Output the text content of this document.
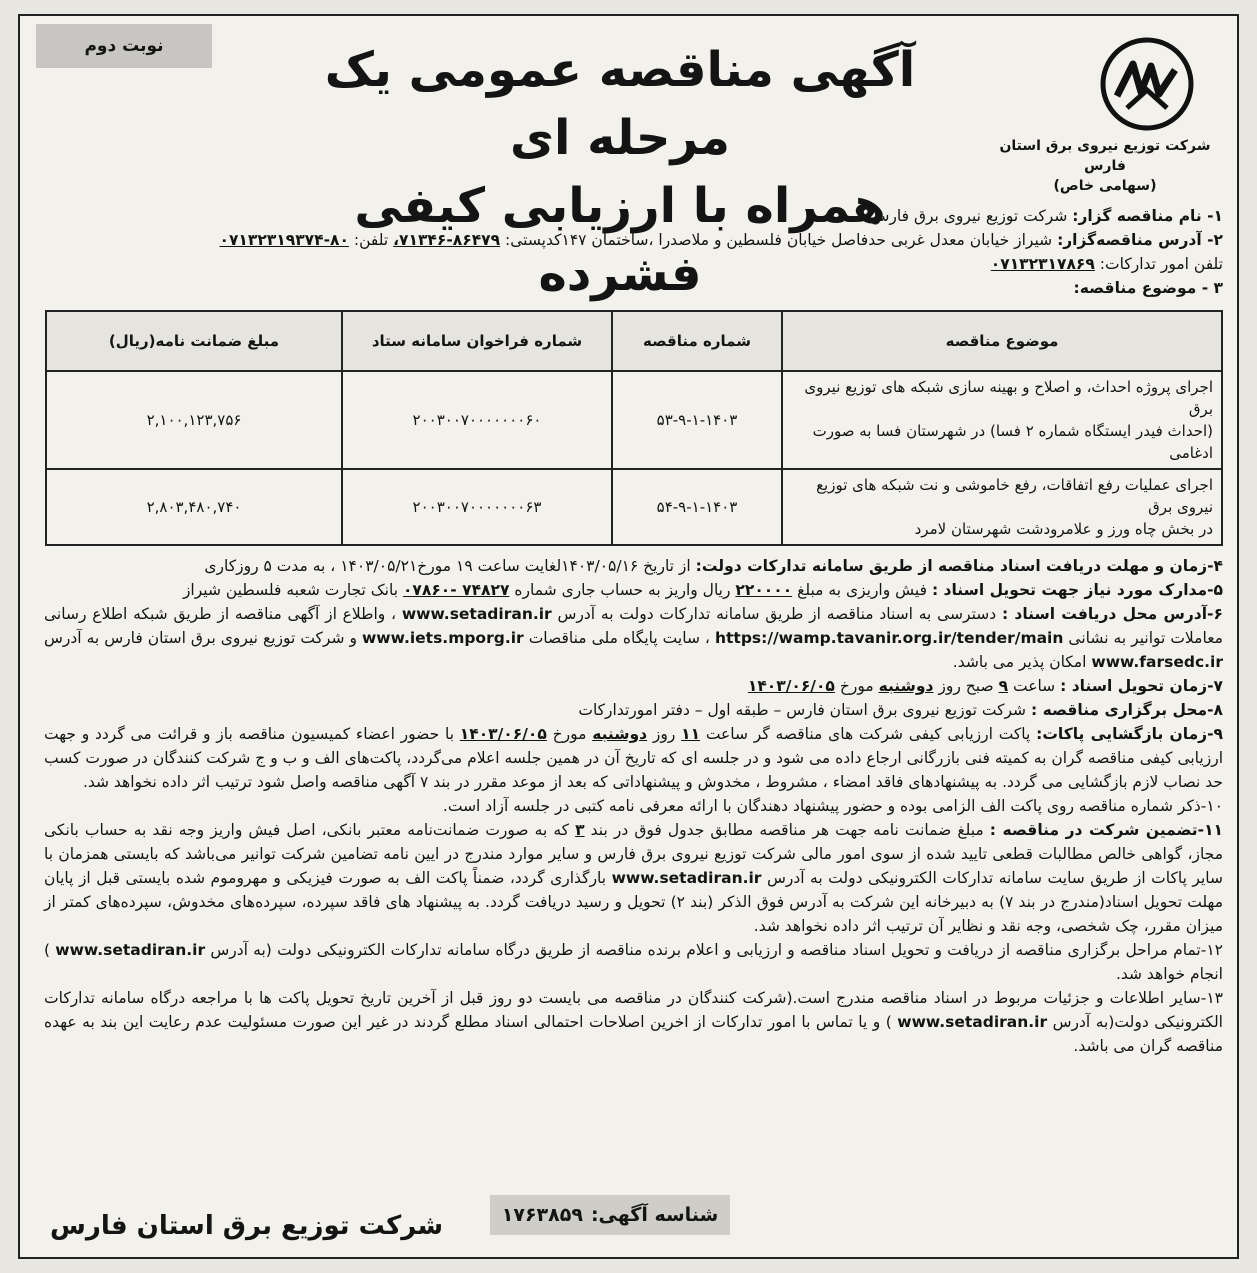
نوبت دوم	آگهی مناقصه عمومی یک مرحله ای
همراه با ارزیابی کیفی فشرده
شرکت توزیع نیروی برق استان فارس
(سهامی خاص)

۱- نام مناقصه گزار: شرکت توزیع نیروی برق فارس

۲- آدرس مناقصه‌گزار: شیراز خیابان معدل غربی حدفاصل خیابان فلسطین و ملاصدرا ،ساختمان ۱۴۷کدپستی: ۸۶۴۷۹-۷۱۳۴۶، تلفن: ۸۰-۰۷۱۳۲۳۱۹۳۷۴

تلفن امور تدارکات: ۰۷۱۳۲۳۱۷۸۶۹

۳ - موضوع مناقصه:

موضوع مناقصه	شماره مناقصه	شماره فراخوان سامانه ستاد	مبلغ ضمانت نامه(ریال)

اجرای پروژه احداث، و اصلاح و بهینه سازی شبکه های توزیع نیروی برق
(احداث فیدر ایستگاه شماره ۲ فسا) در شهرستان فسا به صورت ادغامی	۵۳-۹-۱-۱۴۰۳	۲۰۰۳۰۰۷۰۰۰۰۰۰۰۶۰	۲,۱۰۰,۱۲۳,۷۵۶

اجرای عملیات رفع اتفاقات، رفع خاموشی و نت شبکه های توزیع نیروی برق
در بخش چاه ورز و علامرودشت شهرستان لامرد	۵۴-۹-۱-۱۴۰۳	۲۰۰۳۰۰۷۰۰۰۰۰۰۰۶۳	۲,۸۰۳,۴۸۰,۷۴۰

۴-زمان و مهلت دریافت اسناد مناقصه از طریق سامانه تدارکات دولت: از تاریخ ۱۴۰۳/۰۵/۱۶لغایت ساعت ۱۹ مورخ۱۴۰۳/۰۵/۲۱ ، به مدت ۵ روزکاری

۵-مدارک مورد نیاز جهت تحویل اسناد : فیش واریزی به مبلغ ۲۲۰۰۰۰ ریال واریز به حساب جاری شماره ۷۴۸۲۷ -۰۷۸۶۰ بانک تجارت شعبه فلسطین شیراز

۶-آدرس محل دریافت اسناد : دسترسی به اسناد مناقصه از طریق سامانه تدارکات دولت به آدرس www.setadiran.ir ، واطلاع از آگهی مناقصه از طریق شبکه اطلاع رسانی معاملات توانیر به نشانی https://wamp.tavanir.org.ir/tender/main ، سایت پایگاه ملی مناقصات www.iets.mporg.ir و شرکت توزیع نیروی برق استان فارس به آدرس www.farsedc.ir امکان پذیر می باشد.

۷-زمان تحویل اسناد : ساعت ۹ صبح روز دوشنبه مورخ ۱۴۰۳/۰۶/۰۵

۸-محل برگزاری مناقصه : شرکت توزیع نیروی برق استان فارس – طبقه اول – دفتر امورتدارکات

۹-زمان بازگشایی پاکات: پاکت ارزیابی کیفی شرکت های مناقصه گر ساعت ۱۱ روز دوشنبه مورخ ۱۴۰۳/۰۶/۰۵ با حضور اعضاء کمیسیون مناقصه باز و قرائت می گردد و جهت ارزیابی کیفی مناقصه گران به کمیته فنی بازرگانی ارجاع داده می شود و در جلسه ای که تاریخ آن در همین جلسه اعلام می‌گردد، پاکت‌های الف و ب و ج شرکت کنندگان در صورت کسب حد نصاب لازم بازگشایی می گردد. به پیشنهادهای فاقد امضاء ، مشروط ، مخدوش و پیشنهاداتی که بعد از موعد مقرر در بند ۷ آگهی مناقصه واصل شود ترتیب اثر داده نخواهد شد.

۱۰-ذکر شماره مناقصه روی پاکت الف الزامی بوده و حضور پیشنهاد دهندگان با ارائه معرفی نامه کتبی در جلسه آزاد است.

۱۱-تضمین شرکت در مناقصه : مبلغ ضمانت نامه جهت هر مناقصه مطابق جدول فوق در بند ۳ که به صورت ضمانت‌نامه معتبر بانکی، اصل فیش واریز وجه نقد به حساب بانکی مجاز، گواهی خالص مطالبات قطعی تایید شده از سوی امور مالی شرکت توزیع نیروی برق فارس و سایر موارد مندرج در ایین نامه تضامین شرکت توانیر می‌باشد که بایستی همزمان با سایر پاکات از طریق سایت سامانه تدارکات الکترونیکی دولت به آدرس www.setadiran.ir بارگذاری گردد، ضمناً پاکت الف به صورت فیزیکی و مهروموم شده بایستی قبل از پایان مهلت تحویل اسناد(مندرج در بند ۷) به دبیرخانه این شرکت به آدرس فوق الذکر (بند ۲) تحویل و رسید دریافت گردد. به پیشنهاد های فاقد سپرده، سپرده‌های مخدوش، سپرده‌های کمتر از میزان مقرر، چک شخصی، وجه نقد و نظایر آن ترتیب اثر داده نخواهد شد.

۱۲-تمام مراحل برگزاری مناقصه از دریافت و تحویل اسناد مناقصه و ارزیابی و اعلام برنده مناقصه از طریق درگاه سامانه تدارکات الکترونیکی دولت (به آدرس www.setadiran.ir ) انجام خواهد شد.

۱۳-سایر اطلاعات و جزئیات مربوط در اسناد مناقصه مندرج است.(شرکت کنندگان در مناقصه می بایست دو روز قبل از آخرین تاریخ تحویل پاکت ها با مراجعه درگاه سامانه تدارکات الکترونیکی دولت(به آدرس www.setadiran.ir ) و یا تماس با امور تدارکات از اخرین اصلاحات احتمالی اسناد مطلع گردند در غیر این صورت مسئولیت عدم رعایت این بند به عهده مناقصه گران می باشد.

شناسه آگهی:
۱۷۶۳۸۵۹
شرکت توزیع برق استان فارس
